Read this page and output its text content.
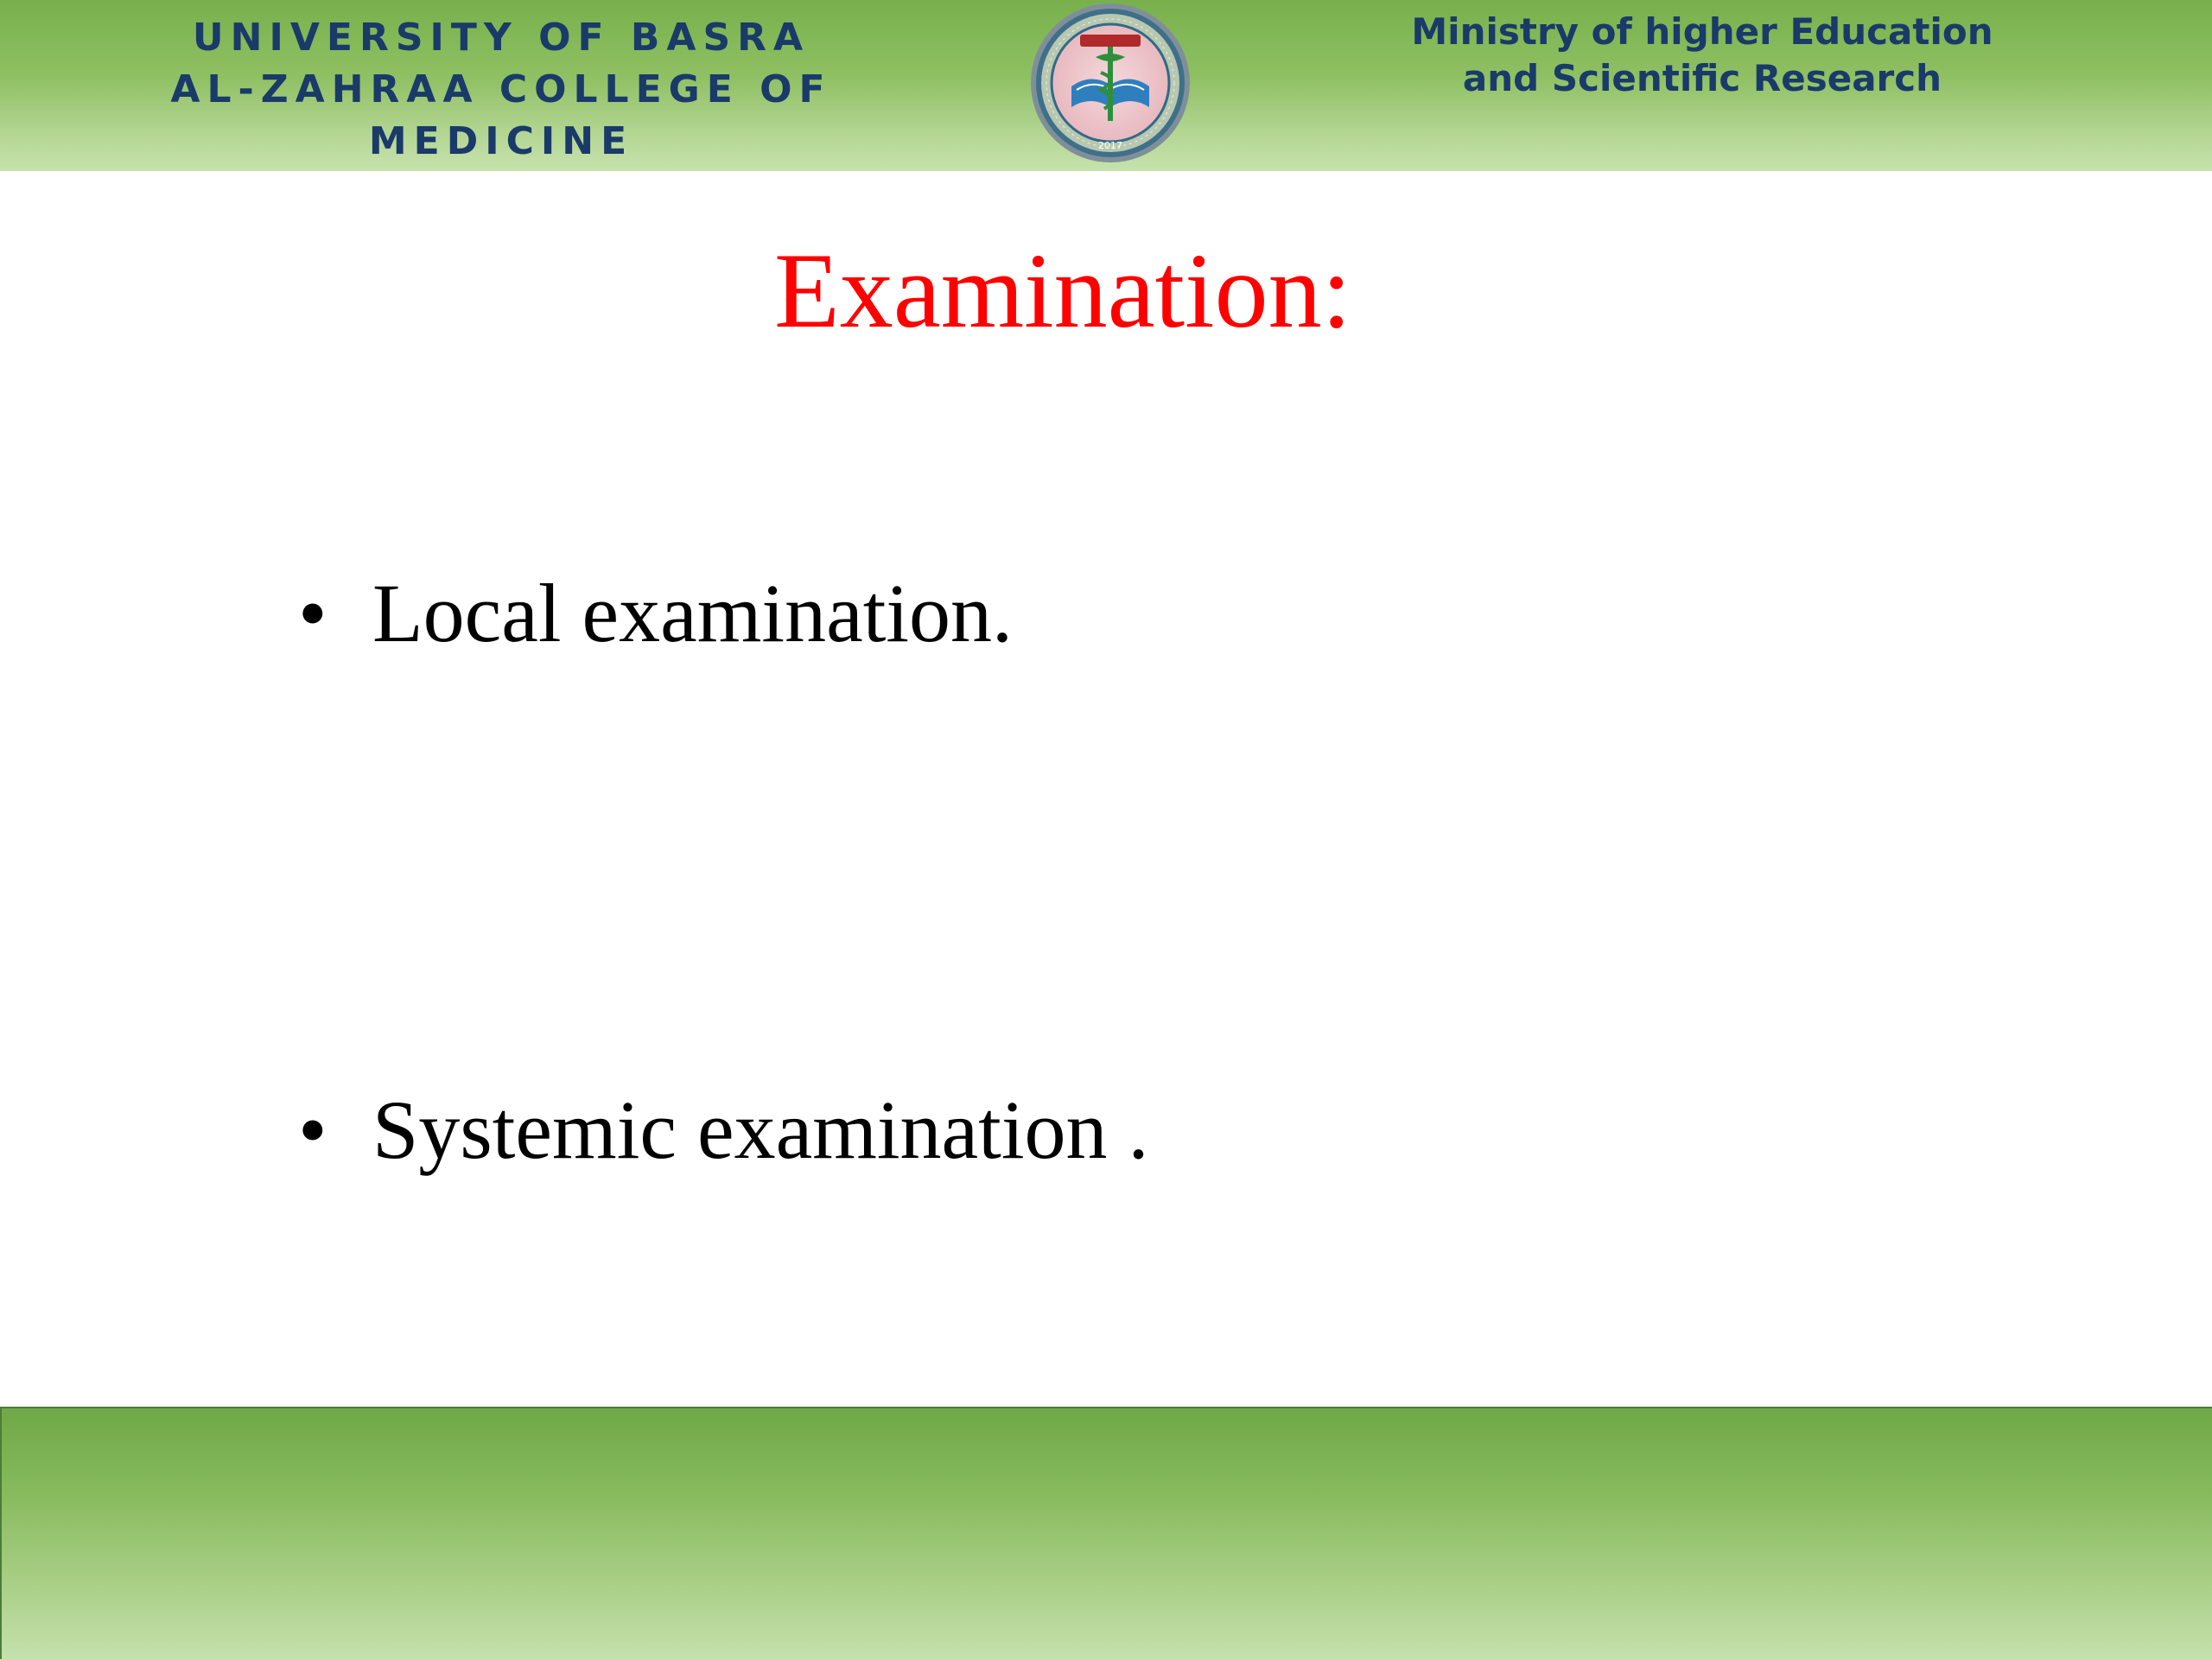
UNIVERSITY OF BASRA
AL-ZAHRAA COLLEGE OF MEDICINE	2017
Ministry of higher Education
and Scientific Research
Examination:
• Local examination.
• Systemic examination .
